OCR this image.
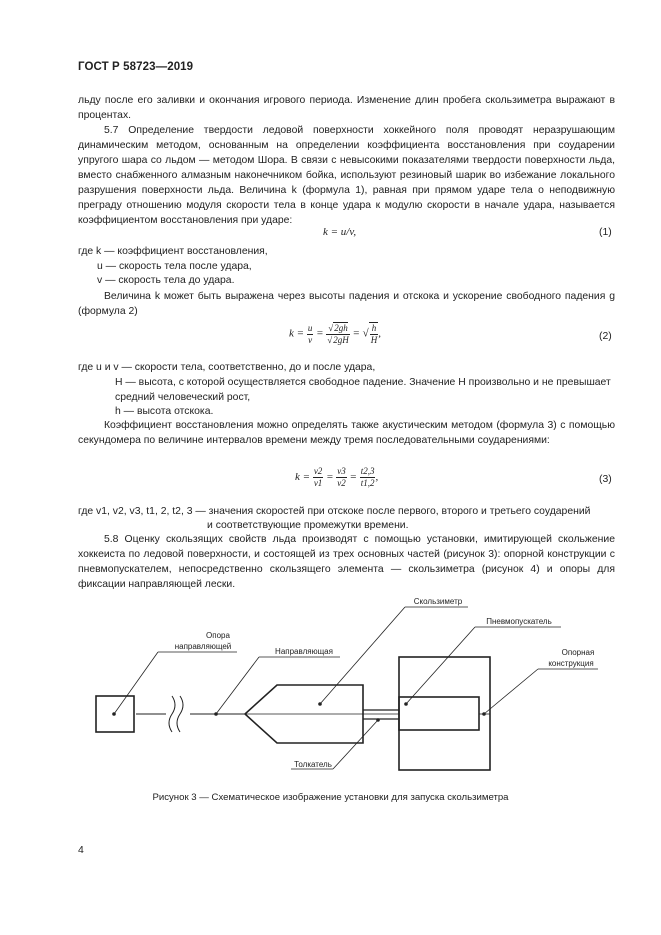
ГОСТ Р 58723—2019
льду после его заливки и окончания игрового периода. Изменение длин пробега скользиметра выражают в процентах.
5.7 Определение твердости ледовой поверхности хоккейного поля проводят неразрушающим динамическим методом, основанным на определении коэффициента восстановления при соударении упругого шара со льдом — методом Шора. В связи с невысокими показателями твердости поверхности льда, вместо снабженного алмазным наконечником бойка, используют резиновый шарик во избежание локального разрушения поверхности льда. Величина k (формула 1), равная при прямом ударе тела о неподвижную преграду отношению модуля скорости тела в конце удара к модулю скорости в начале удара, называется коэффициентом восстановления при ударе:
k = u/v,	(1)
где k — коэффициент восстановления,
u — скорость тела после удара,
v — скорость тела до удара.
Величина k может быть выражена через высоты падения и отскока и ускорение свободного падения g (формула 2)
$k = \frac{u}{v} = \frac{√2gh}{√2gH}$ = √ $\frac{h}{H}$ ,	(2)
где u и v — скорости тела, соответственно, до и после удара,
H — высота, с которой осуществляется свободное падение. Значение H произвольно и не превышает средний человеческий рост,
h — высота отскока.
Коэффициент восстановления можно определять также акустическим методом (формула 3) с помощью секундомера по величине интервалов времени между тремя последовательными соударениями:
$k = \frac{v2}{v1} = \frac{v3}{v2} = \frac{t2,3}{t1,2}$ ,	(3)
где v1, v2, v3, t1, 2, t2, 3 — значения скоростей при отскоке после первого, второго и третьего соударений
и соответствующие промежутки времени.
5.8 Оценку скользящих свойств льда производят с помощью установки, имитирующей скольжение хоккеиста по ледовой поверхности, и состоящей из трех основных частей (рисунок 3): опорной конструкции с пневмопускателем, непосредственно скользящего элемента — скользиметра (рисунок 4) и опоры для фиксации направляющей лески.
Опора
направляющей
Направляющая
Скользиметр
Пневмопускатель
Опорная
конструкция
Толкатель
Рисунок 3 — Схематическое изображение установки для запуска скользиметра
4
